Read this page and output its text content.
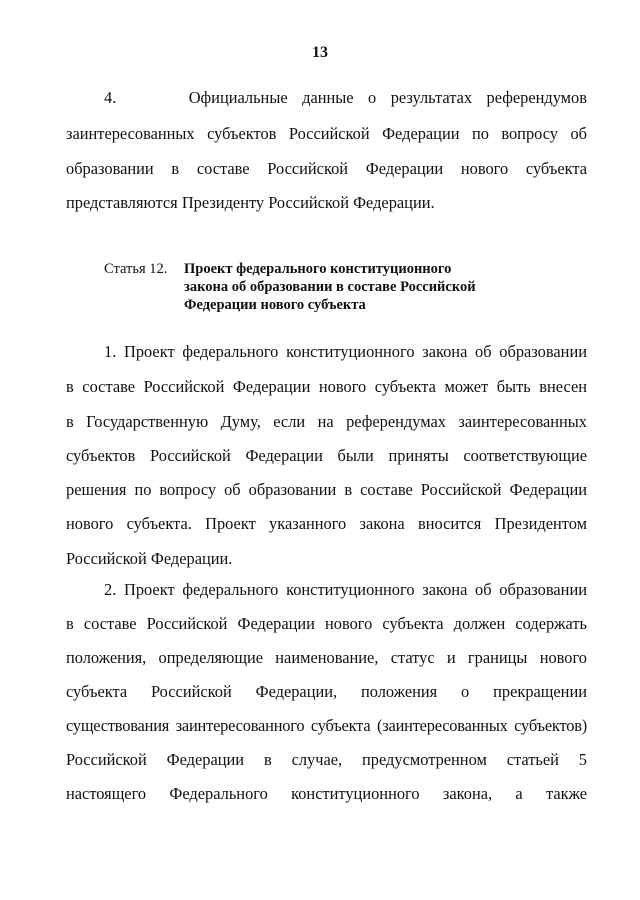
13
4.     Официальные данные о результатах референдумов
заинтересованных субъектов Российской Федерации по вопросу об
образовании в составе Российской Федерации нового субъекта
представляются Президенту Российской Федерации.
Статья 12. Проект федерального конституционного
закона об образовании в составе Российской
Федерации нового субъекта
1. Проект федерального конституционного закона об образовании
в составе Российской Федерации нового субъекта может быть внесен
в Государственную Думу, если на референдумах заинтересованных
субъектов Российской Федерации были приняты соответствующие
решения по вопросу об образовании в составе Российской Федерации
нового субъекта. Проект указанного закона вносится Президентом
Российской Федерации.
2. Проект федерального конституционного закона об образовании
в составе Российской Федерации нового субъекта должен содержать
положения, определяющие наименование, статус и границы нового
субъекта Российской Федерации, положения о прекращении
существования заинтересованного субъекта (заинтересованных субъектов)
Российской Федерации в случае, предусмотренном статьей 5
настоящего Федерального конституционного закона, а также
